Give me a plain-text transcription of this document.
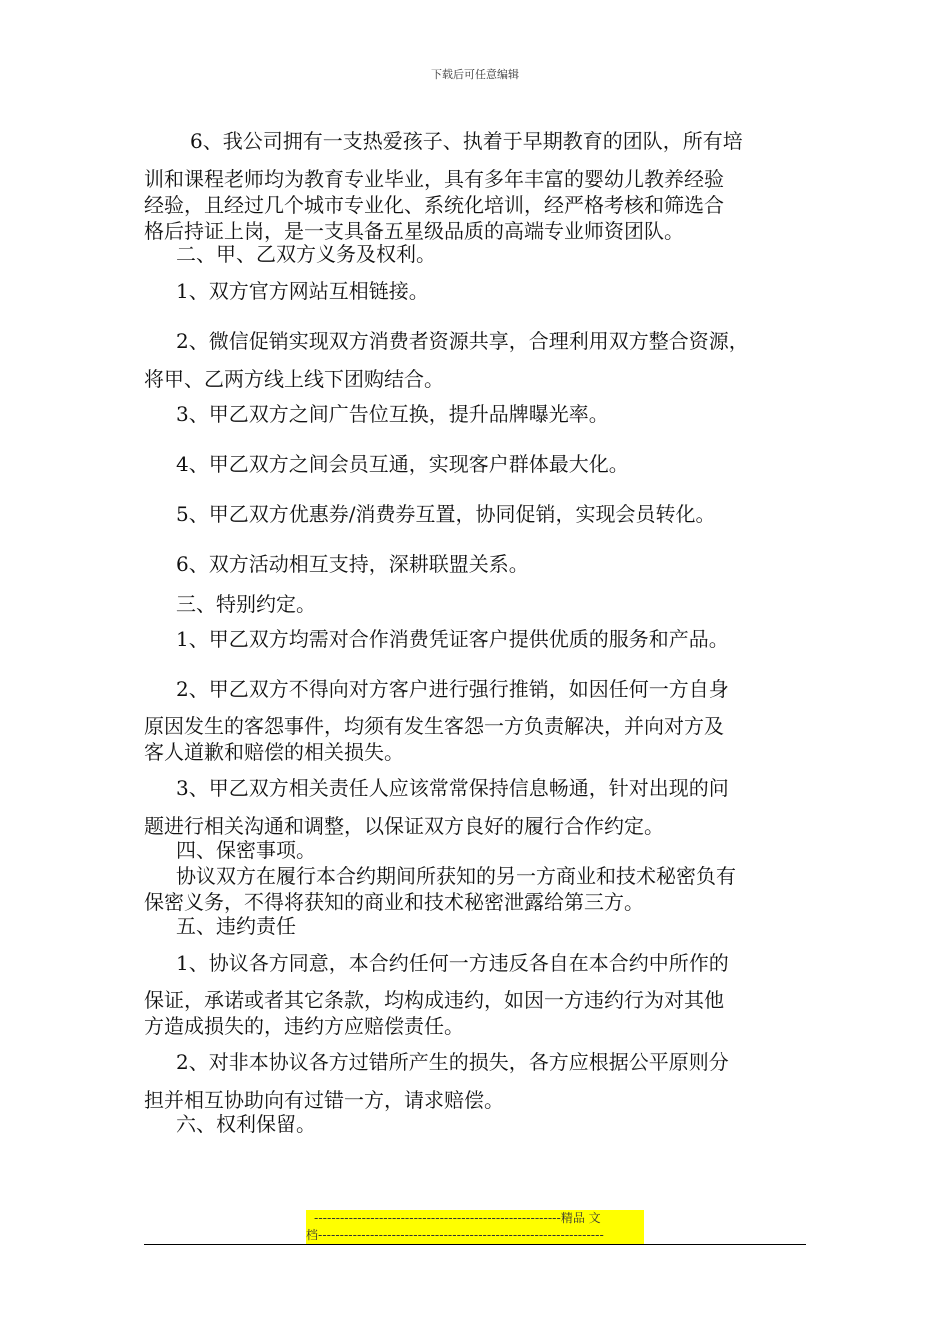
下载后可任意编辑
6、我公司拥有一支热爱孩子、执着于早期教育的团队，所有培
训和课程老师均为教育专业毕业，具有多年丰富的婴幼儿教养经验
经验，且经过几个城市专业化、系统化培训，经严格考核和筛选合
格后持证上岗，是一支具备五星级品质的高端专业师资团队。
二、甲、乙双方义务及权利。
1、双方官方网站互相链接。
2、微信促销实现双方消费者资源共享，合理利用双方整合资源，
将甲、乙两方线上线下团购结合。
3、甲乙双方之间广告位互换，提升品牌曝光率。
4、甲乙双方之间会员互通，实现客户群体最大化。
5、甲乙双方优惠券/消费券互置，协同促销，实现会员转化。
6、双方活动相互支持，深耕联盟关系。
三、特别约定。
1、甲乙双方均需对合作消费凭证客户提供优质的服务和产品。
2、甲乙双方不得向对方客户进行强行推销，如因任何一方自身
原因发生的客怨事件，均须有发生客怨一方负责解决，并向对方及
客人道歉和赔偿的相关损失。
3、甲乙双方相关责任人应该常常保持信息畅通，针对出现的问
题进行相关沟通和调整，以保证双方良好的履行合作约定。
四、保密事项。
协议双方在履行本合约期间所获知的另一方商业和技术秘密负有
保密义务，不得将获知的商业和技术秘密泄露给第三方。
五、违约责任
1、协议各方同意，本合约任何一方违反各自在本合约中所作的
保证，承诺或者其它条款，均构成违约，如因一方违约行为对其他
方造成损失的，违约方应赔偿责任。
2、对非本协议各方过错所产生的损失，各方应根据公平原则分
担并相互协助向有过错一方，请求赔偿。
六、权利保留。
---------------------------------------------------------精品 文
档------------------------------------------------------------------
